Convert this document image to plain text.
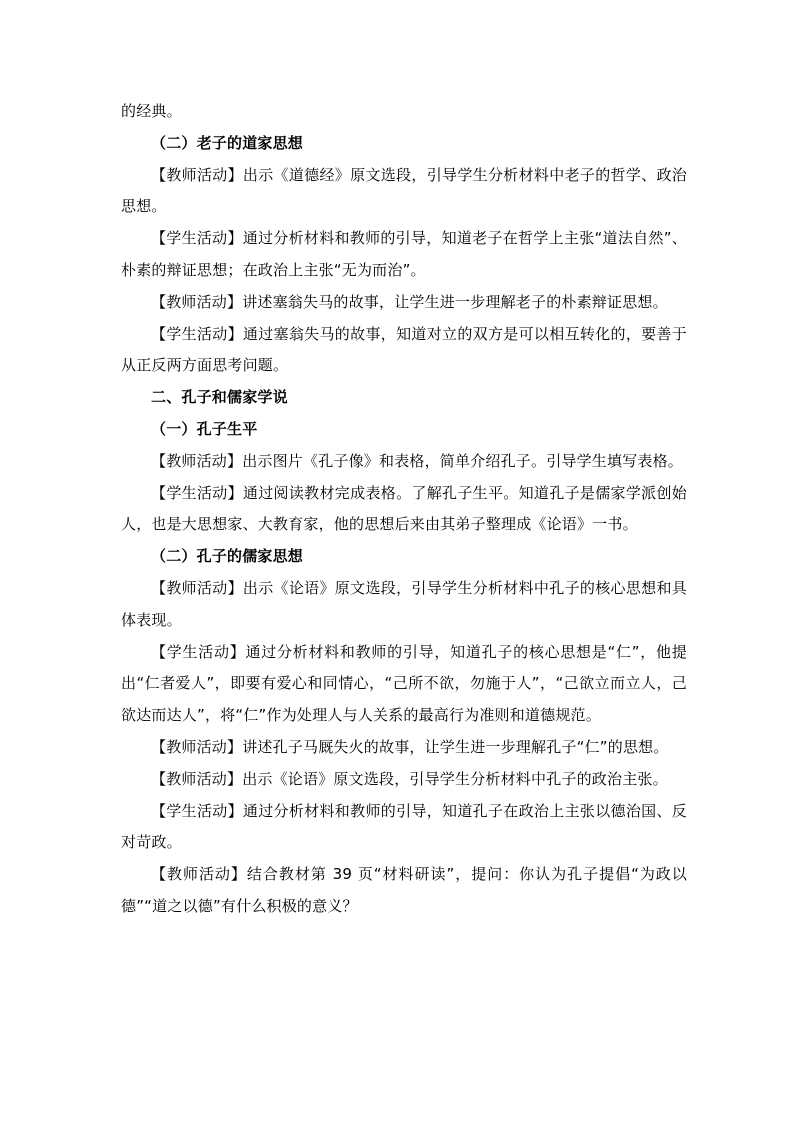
的经典。

（二）老子的道家思想

【教师活动】出示《道德经》原文选段，引导学生分析材料中老子的哲学、政治思想。

【学生活动】通过分析材料和教师的引导，知道老子在哲学上主张“道法自然”、朴素的辩证思想；在政治上主张“无为而治”。

【教师活动】讲述塞翁失马的故事，让学生进一步理解老子的朴素辩证思想。

【学生活动】通过塞翁失马的故事，知道对立的双方是可以相互转化的，要善于从正反两方面思考问题。

二、孔子和儒家学说

（一）孔子生平

【教师活动】出示图片《孔子像》和表格，简单介绍孔子。引导学生填写表格。

【学生活动】通过阅读教材完成表格。了解孔子生平。知道孔子是儒家学派创始人，也是大思想家、大教育家，他的思想后来由其弟子整理成《论语》一书。

（二）孔子的儒家思想

【教师活动】出示《论语》原文选段，引导学生分析材料中孔子的核心思想和具体表现。

【学生活动】通过分析材料和教师的引导，知道孔子的核心思想是“仁”，他提出“仁者爱人”，即要有爱心和同情心，“己所不欲，勿施于人”，“己欲立而立人，己欲达而达人”，将“仁”作为处理人与人关系的最高行为准则和道德规范。

【教师活动】讲述孔子马厩失火的故事，让学生进一步理解孔子“仁”的思想。

【教师活动】出示《论语》原文选段，引导学生分析材料中孔子的政治主张。

【学生活动】通过分析材料和教师的引导，知道孔子在政治上主张以德治国、反对苛政。

【教师活动】结合教材第 39 页“材料研读”，提问：你认为孔子提倡“为政以德”“道之以德”有什么积极的意义？
